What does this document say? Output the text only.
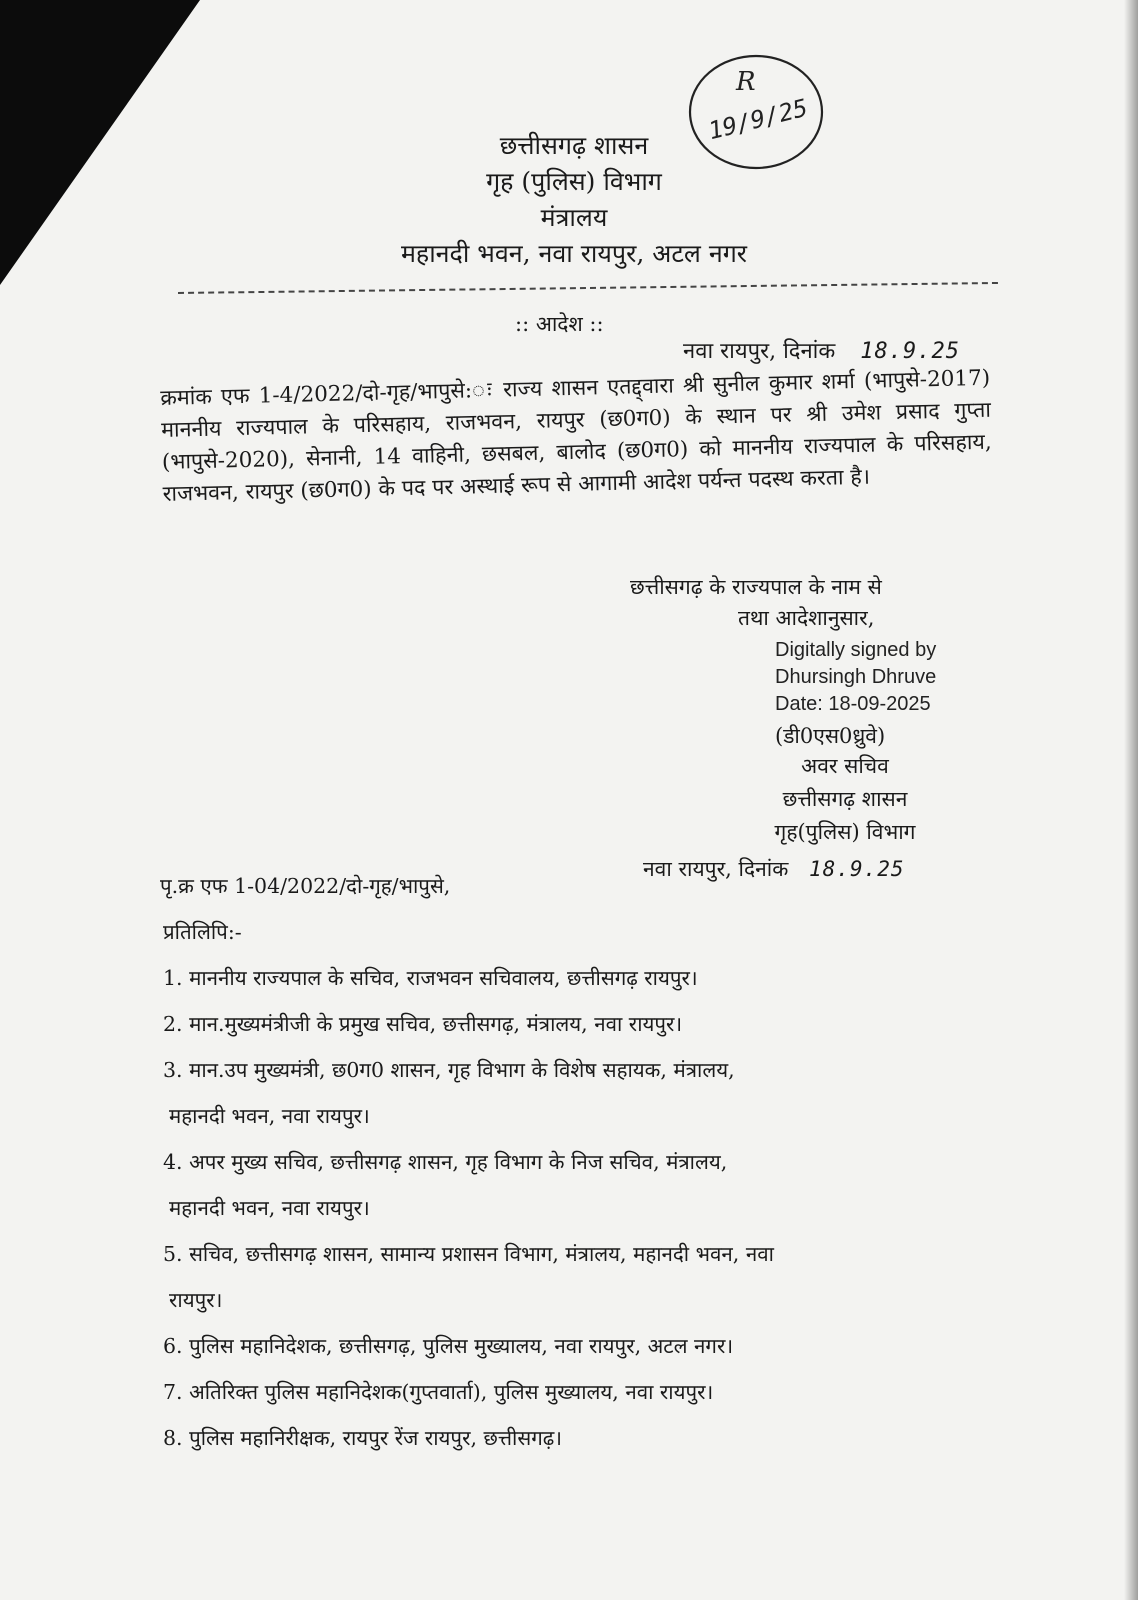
R
19/9/25
छत्तीसगढ़ शासन
गृह (पुलिस) विभाग
मंत्रालय
महानदी भवन, नवा रायपुर, अटल नगर
:: आदेश ::
नवा रायपुर, दिनांक 18.9.25
क्रमांक एफ 1-4/2022/दो-गृह/भापुसे:◌ः राज्य शासन एतद्द्वारा श्री सुनील कुमार शर्मा (भापुसे-2017) माननीय राज्यपाल के परिसहाय, राजभवन, रायपुर (छ0ग0) के स्थान पर श्री उमेश प्रसाद गुप्ता (भापुसे-2020), सेनानी, 14 वाहिनी, छसबल, बालोद (छ0ग0) को माननीय राज्यपाल के परिसहाय, राजभवन, रायपुर (छ0ग0) के पद पर अस्थाई रूप से आगामी आदेश पर्यन्त पदस्थ करता है।
छत्तीसगढ़ के राज्यपाल के नाम से
तथा आदेशानुसार,
Digitally signed by
Dhursingh Dhruve
Date: 18-09-2025
(डी0एस0ध्रुवे)
अवर सचिव
छत्तीसगढ़ शासन
गृह(पुलिस) विभाग
पृ.क्र एफ 1-04/2022/दो-गृह/भापुसे,
नवा रायपुर, दिनांक 18.9.25
प्रतिलिपि:-
1. माननीय राज्यपाल के सचिव, राजभवन सचिवालय, छत्तीसगढ़ रायपुर।
2. मान.मुख्यमंत्रीजी के प्रमुख सचिव, छत्तीसगढ़, मंत्रालय, नवा रायपुर।
3. मान.उप मुख्यमंत्री, छ0ग0 शासन, गृह विभाग के विशेष सहायक, मंत्रालय,
महानदी भवन, नवा रायपुर।
4. अपर मुख्य सचिव, छत्तीसगढ़ शासन, गृह विभाग के निज सचिव, मंत्रालय,
महानदी भवन, नवा रायपुर।
5. सचिव, छत्तीसगढ़ शासन, सामान्य प्रशासन विभाग, मंत्रालय, महानदी भवन, नवा
रायपुर।
6. पुलिस महानिदेशक, छत्तीसगढ़, पुलिस मुख्यालय, नवा रायपुर, अटल नगर।
7. अतिरिक्त पुलिस महानिदेशक(गुप्तवार्ता), पुलिस मुख्यालय, नवा रायपुर।
8. पुलिस महानिरीक्षक, रायपुर रेंज रायपुर, छत्तीसगढ़।
